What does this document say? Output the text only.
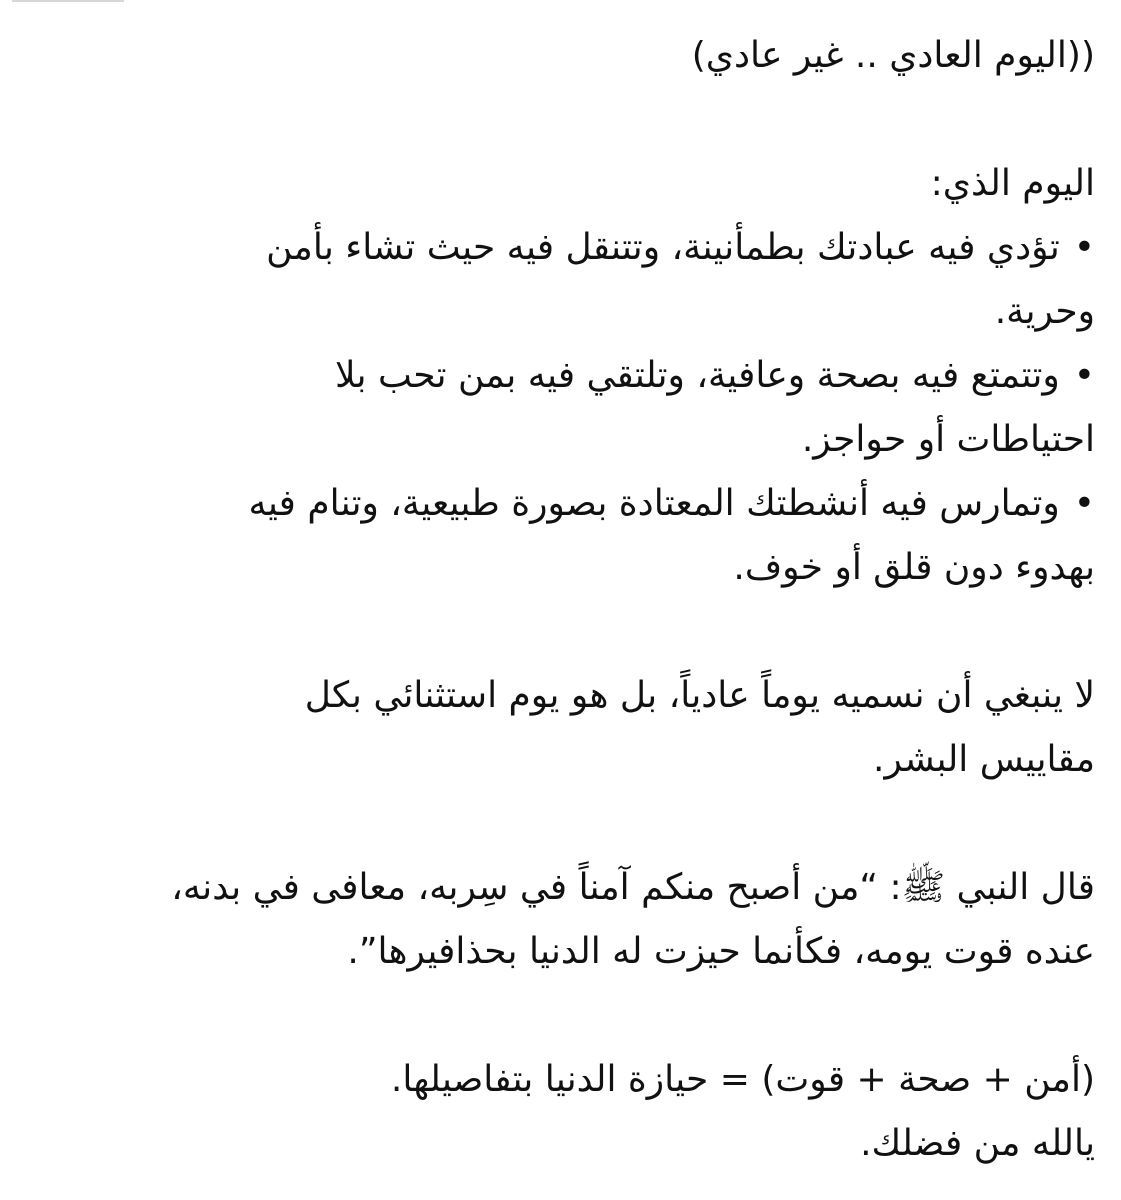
((اليوم العادي .. غير عادي)

اليوم الذي:

•تؤدي فيه عبادتك بطمأنينة، وتتنقل فيه حيث تشاء بأمن

وحرية.

•وتتمتع فيه بصحة وعافية، وتلتقي فيه بمن تحب بلا

احتياطات أو حواجز.

•وتمارس فيه أنشطتك المعتادة بصورة طبيعية، وتنام فيه

بهدوء دون قلق أو خوف.

لا ينبغي أن نسميه يوماً عادياً، بل هو يوم استثنائي بكل

مقاييس البشر.

قال النبي ﷺ: “من أصبح منكم آمناً في سِربه، معافى في بدنه،

عنده قوت يومه، فكأنما حيزت له الدنيا بحذافيرها”.

(أمن + صحة + قوت) = حيازة الدنيا بتفاصيلها.

يالله من فضلك.
